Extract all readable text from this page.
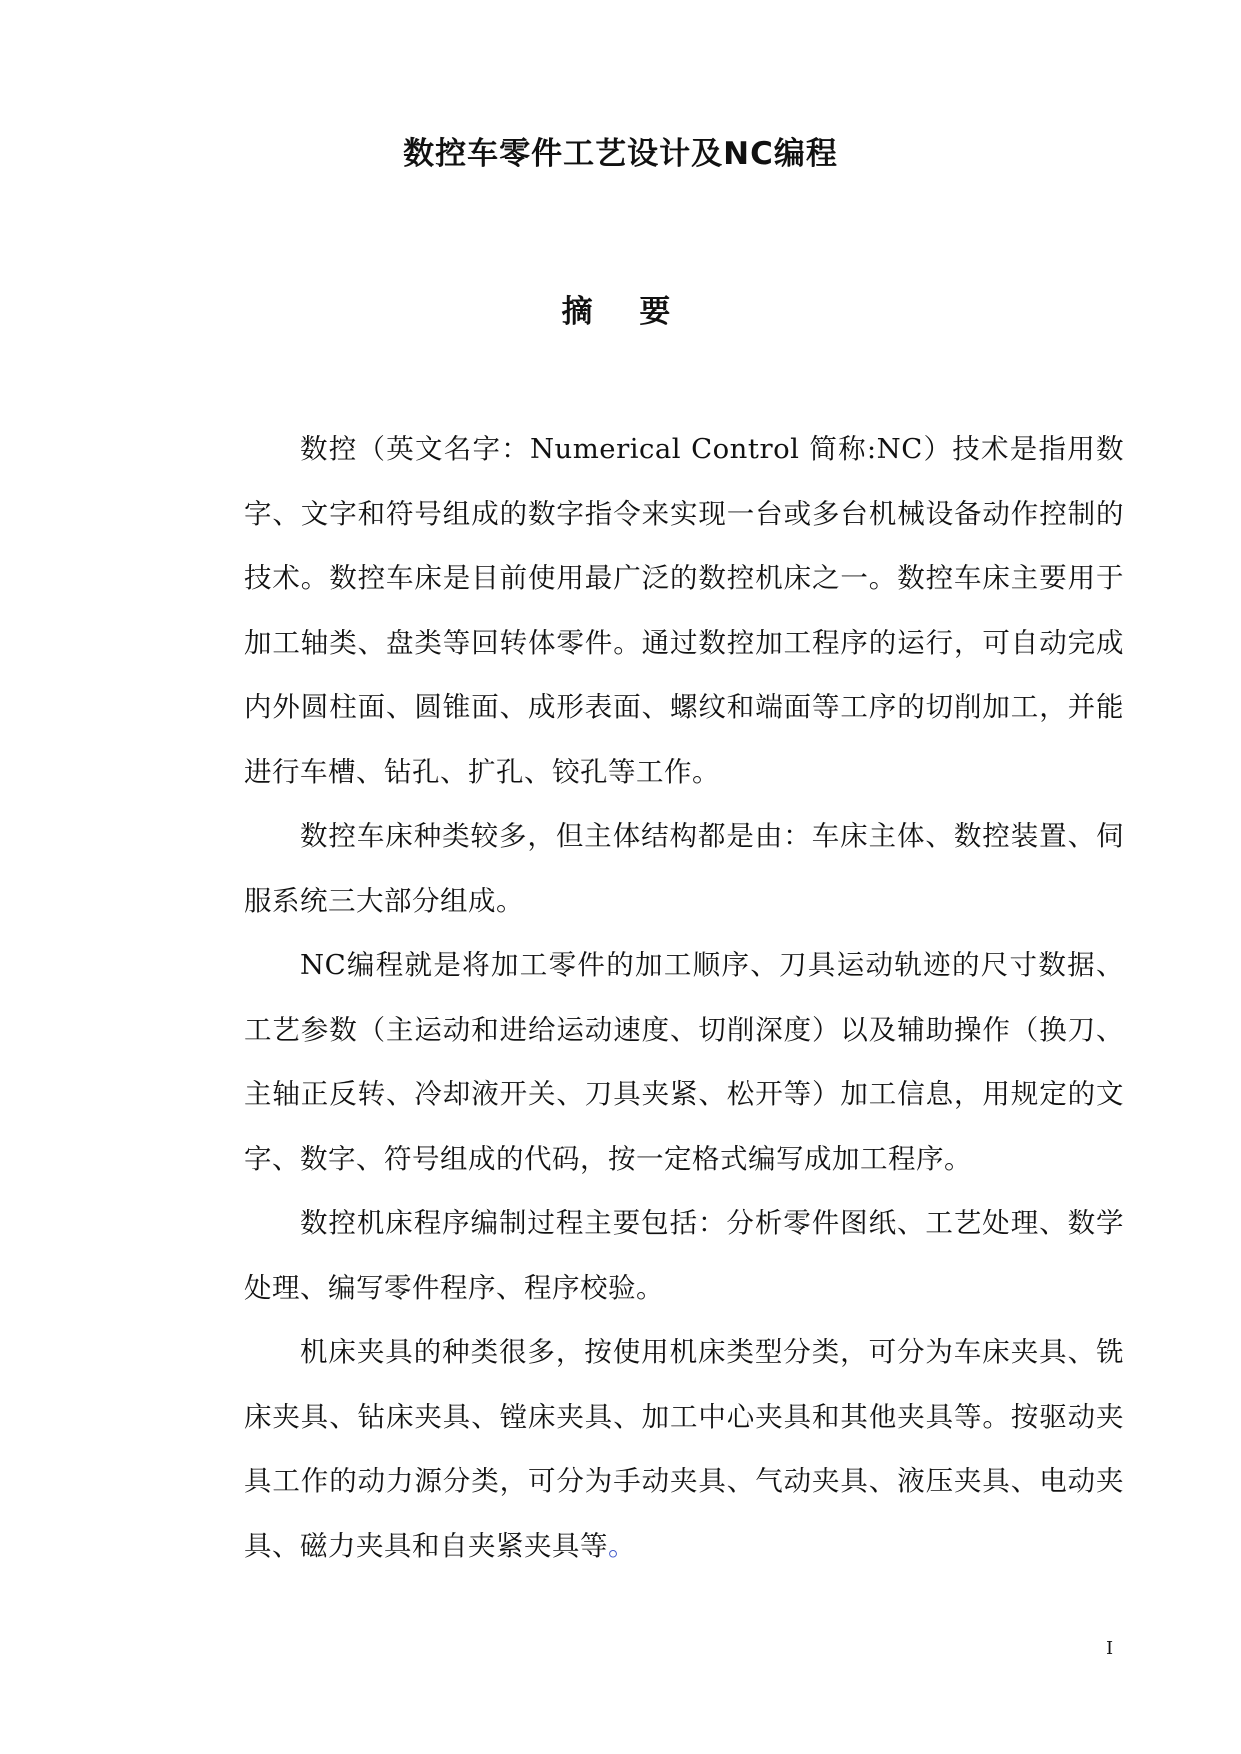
数控车零件工艺设计及NC编程
摘 要

数控（英文名字：Numerical Control 简称:NC）技术是指用数字、文字和符号组成的数字指令来实现一台或多台机械设备动作控制的技术。数控车床是目前使用最广泛的数控机床之一。数控车床主要用于加工轴类、盘类等回转体零件。通过数控加工程序的运行，可自动完成内外圆柱面、圆锥面、成形表面、螺纹和端面等工序的切削加工，并能进行车槽、钻孔、扩孔、铰孔等工作。

数控车床种类较多，但主体结构都是由：车床主体、数控装置、伺服系统三大部分组成。

NC编程就是将加工零件的加工顺序、刀具运动轨迹的尺寸数据、工艺参数（主运动和进给运动速度、切削深度）以及辅助操作（换刀、主轴正反转、冷却液开关、刀具夹紧、松开等）加工信息，用规定的文字、数字、符号组成的代码，按一定格式编写成加工程序。

数控机床程序编制过程主要包括：分析零件图纸、工艺处理、数学处理、编写零件程序、程序校验。

机床夹具的种类很多，按使用机床类型分类，可分为车床夹具、铣床夹具、钻床夹具、镗床夹具、加工中心夹具和其他夹具等。按驱动夹具工作的动力源分类，可分为手动夹具、气动夹具、液压夹具、电动夹具、磁力夹具和自夹紧夹具等。

I
